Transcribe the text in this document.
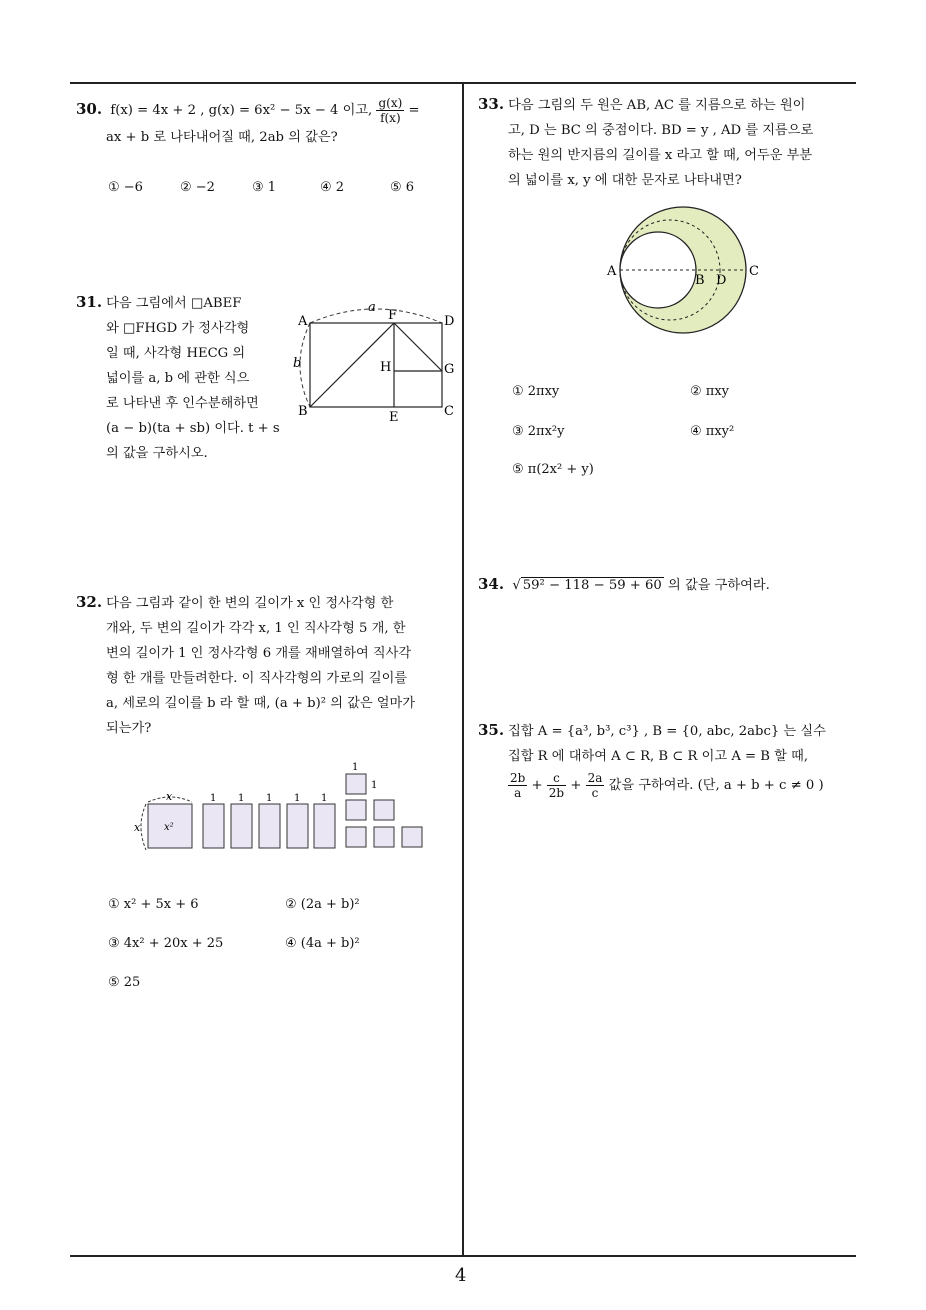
4
30. f(x) = 4x + 2 , g(x) = 6x² − 5x − 4 이고, $\frac{g(x)}{f(x)}$ =
ax + b 로 나타내어질 때, 2ab 의 값은?
① −6	② −2	③ 1	④ 2	⑤ 6
31. 다음 그림에서 □ABEF
와 □FHGD 가 정사각형
일 때, 사각형 HECG 의
넓이를 a, b 에 관한 식으
로 나타낸 후 인수분해하면
(a − b)(ta + sb) 이다. t + s
의 값을 구하시오.
a
A	F	D
b	H	G
B	E	C
32. 다음 그림과 같이 한 변의 길이가 x 인 정사각형 한
개와, 두 변의 길이가 각각 x, 1 인 직사각형 5 개, 한
변의 길이가 1 인 정사각형 6 개를 재배열하여 직사각
형 한 개를 만들려한다. 이 직사각형의 가로의 길이를
a, 세로의 길이를 b 라 할 때, (a + b)² 의 값은 얼마가
되는가?
x
x x²
1 1 1 1 1
1
1
① x² + 5x + 6	② (2a + b)²
③ 4x² + 20x + 25	④ (4a + b)²
⑤ 25
33. 다음 그림의 두 원은 AB, AC 를 지름으로 하는 원이
고, D 는 BC 의 중점이다. BD = y , AD 를 지름으로
하는 원의 반지름의 길이를 x 라고 할 때, 어두운 부분
의 넓이를 x, y 에 대한 문자로 나타내면?
A
B D
C
① 2πxy	② πxy
③ 2πx²y	④ πxy²
⑤ π(2x² + y)
34. √ 59² − 118 − 59 + 60 의 값을 구하여라.
35. 집합 A = {a³, b³, c³} , B = {0, abc, 2abc} 는 실수
집합 R 에 대하여 A ⊂ R, B ⊂ R 이고 A = B 할 때,
$\frac{2b}{a} + \frac{c}{2b} + \frac{2a}{c}$ 값을 구하여라. (단, a + b + c ≠ 0 )
